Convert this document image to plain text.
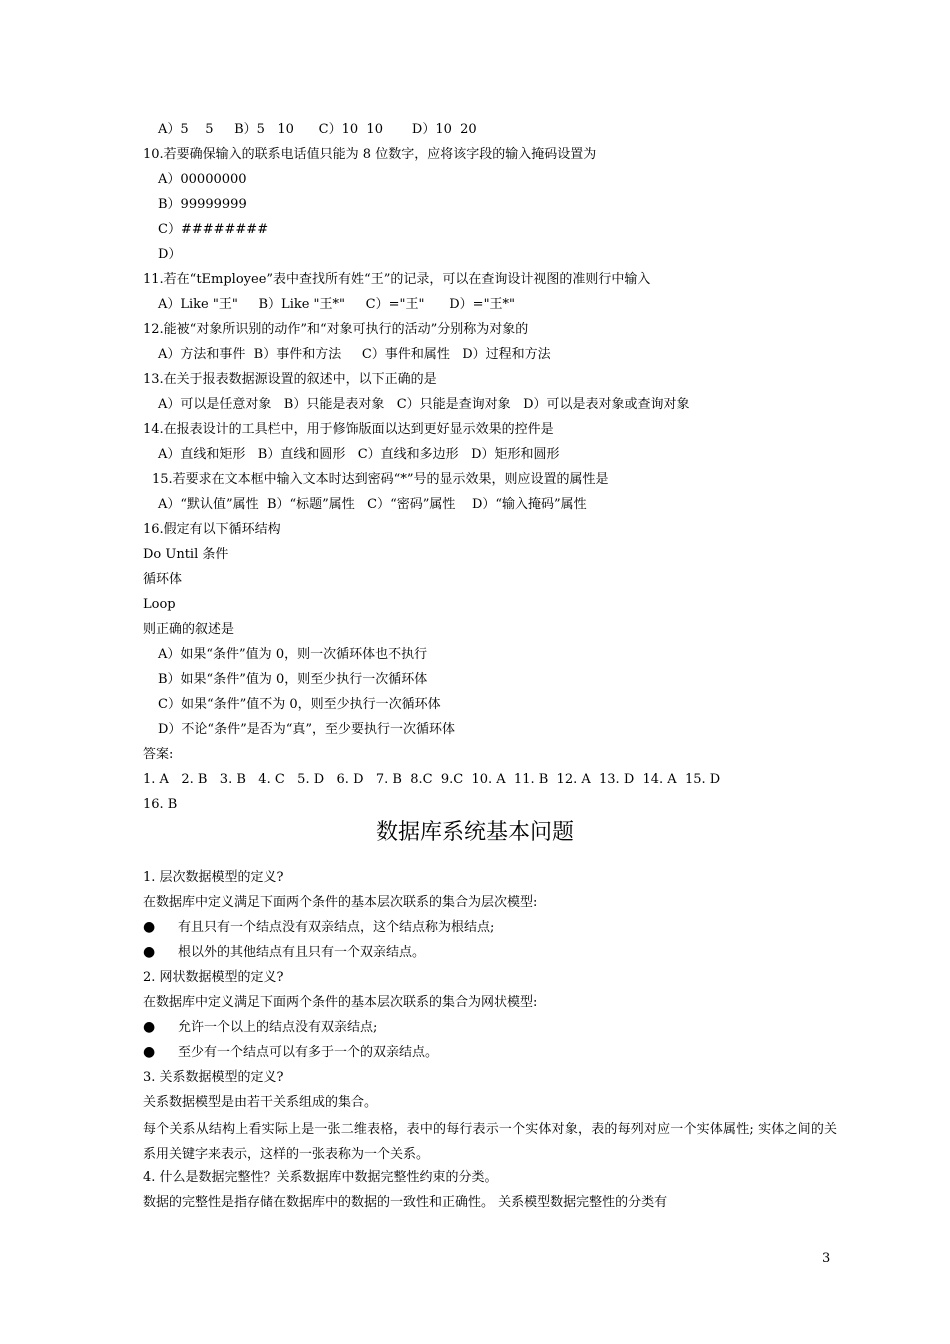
A）5    5     B）5   10      C）10  10       D）10  20
10.若要确保输入的联系电话值只能为 8 位数字，应将该字段的输入掩码设置为
A）00000000
B）99999999
C）########
D）
11.若在“tEmployee”表中查找所有姓“王”的记录，可以在查询设计视图的准则行中输入
A）Like "王"     B）Like "王*"     C）="王"      D）="王*"
12.能被“对象所识别的动作”和“对象可执行的活动”分别称为对象的
A）方法和事件  B）事件和方法     C）事件和属性   D）过程和方法
13.在关于报表数据源设置的叙述中，以下正确的是
A）可以是任意对象   B）只能是表对象   C）只能是查询对象   D）可以是表对象或查询对象
14.在报表设计的工具栏中，用于修饰版面以达到更好显示效果的控件是
A）直线和矩形   B）直线和圆形   C）直线和多边形   D）矩形和圆形
15.若要求在文本框中输入文本时达到密码“*”号的显示效果，则应设置的属性是
A）“默认值”属性  B）“标题”属性   C）“密码”属性    D）“输入掩码”属性
16.假定有以下循环结构
Do Until 条件
循环体
Loop
则正确的叙述是
A）如果“条件”值为 0，则一次循环体也不执行
B）如果“条件”值为 0，则至少执行一次循环体
C）如果“条件”值不为 0，则至少执行一次循环体
D）不论“条件”是否为“真”，至少要执行一次循环体
答案:
1. A   2. B   3. B   4. C   5. D   6. D   7. B  8.C  9.C  10. A  11. B  12. A  13. D  14. A  15. D
16. B
数据库系统基本问题
1. 层次数据模型的定义?
在数据库中定义满足下面两个条件的基本层次联系的集合为层次模型:
● 有且只有一个结点没有双亲结点，这个结点称为根结点;
● 根以外的其他结点有且只有一个双亲结点。
2. 网状数据模型的定义?
在数据库中定义满足下面两个条件的基本层次联系的集合为网状模型:
● 允许一个以上的结点没有双亲结点;
● 至少有一个结点可以有多于一个的双亲结点。
3. 关系数据模型的定义?
关系数据模型是由若干关系组成的集合。
每个关系从结构上看实际上是一张二维表格，表中的每行表示一个实体对象，表的每列对应一个实体属性; 实体之间的关系用关键字来表示，这样的一张表称为一个关系。
4. 什么是数据完整性？关系数据库中数据完整性约束的分类。
数据的完整性是指存储在数据库中的数据的一致性和正确性。 关系模型数据完整性的分类有
3
